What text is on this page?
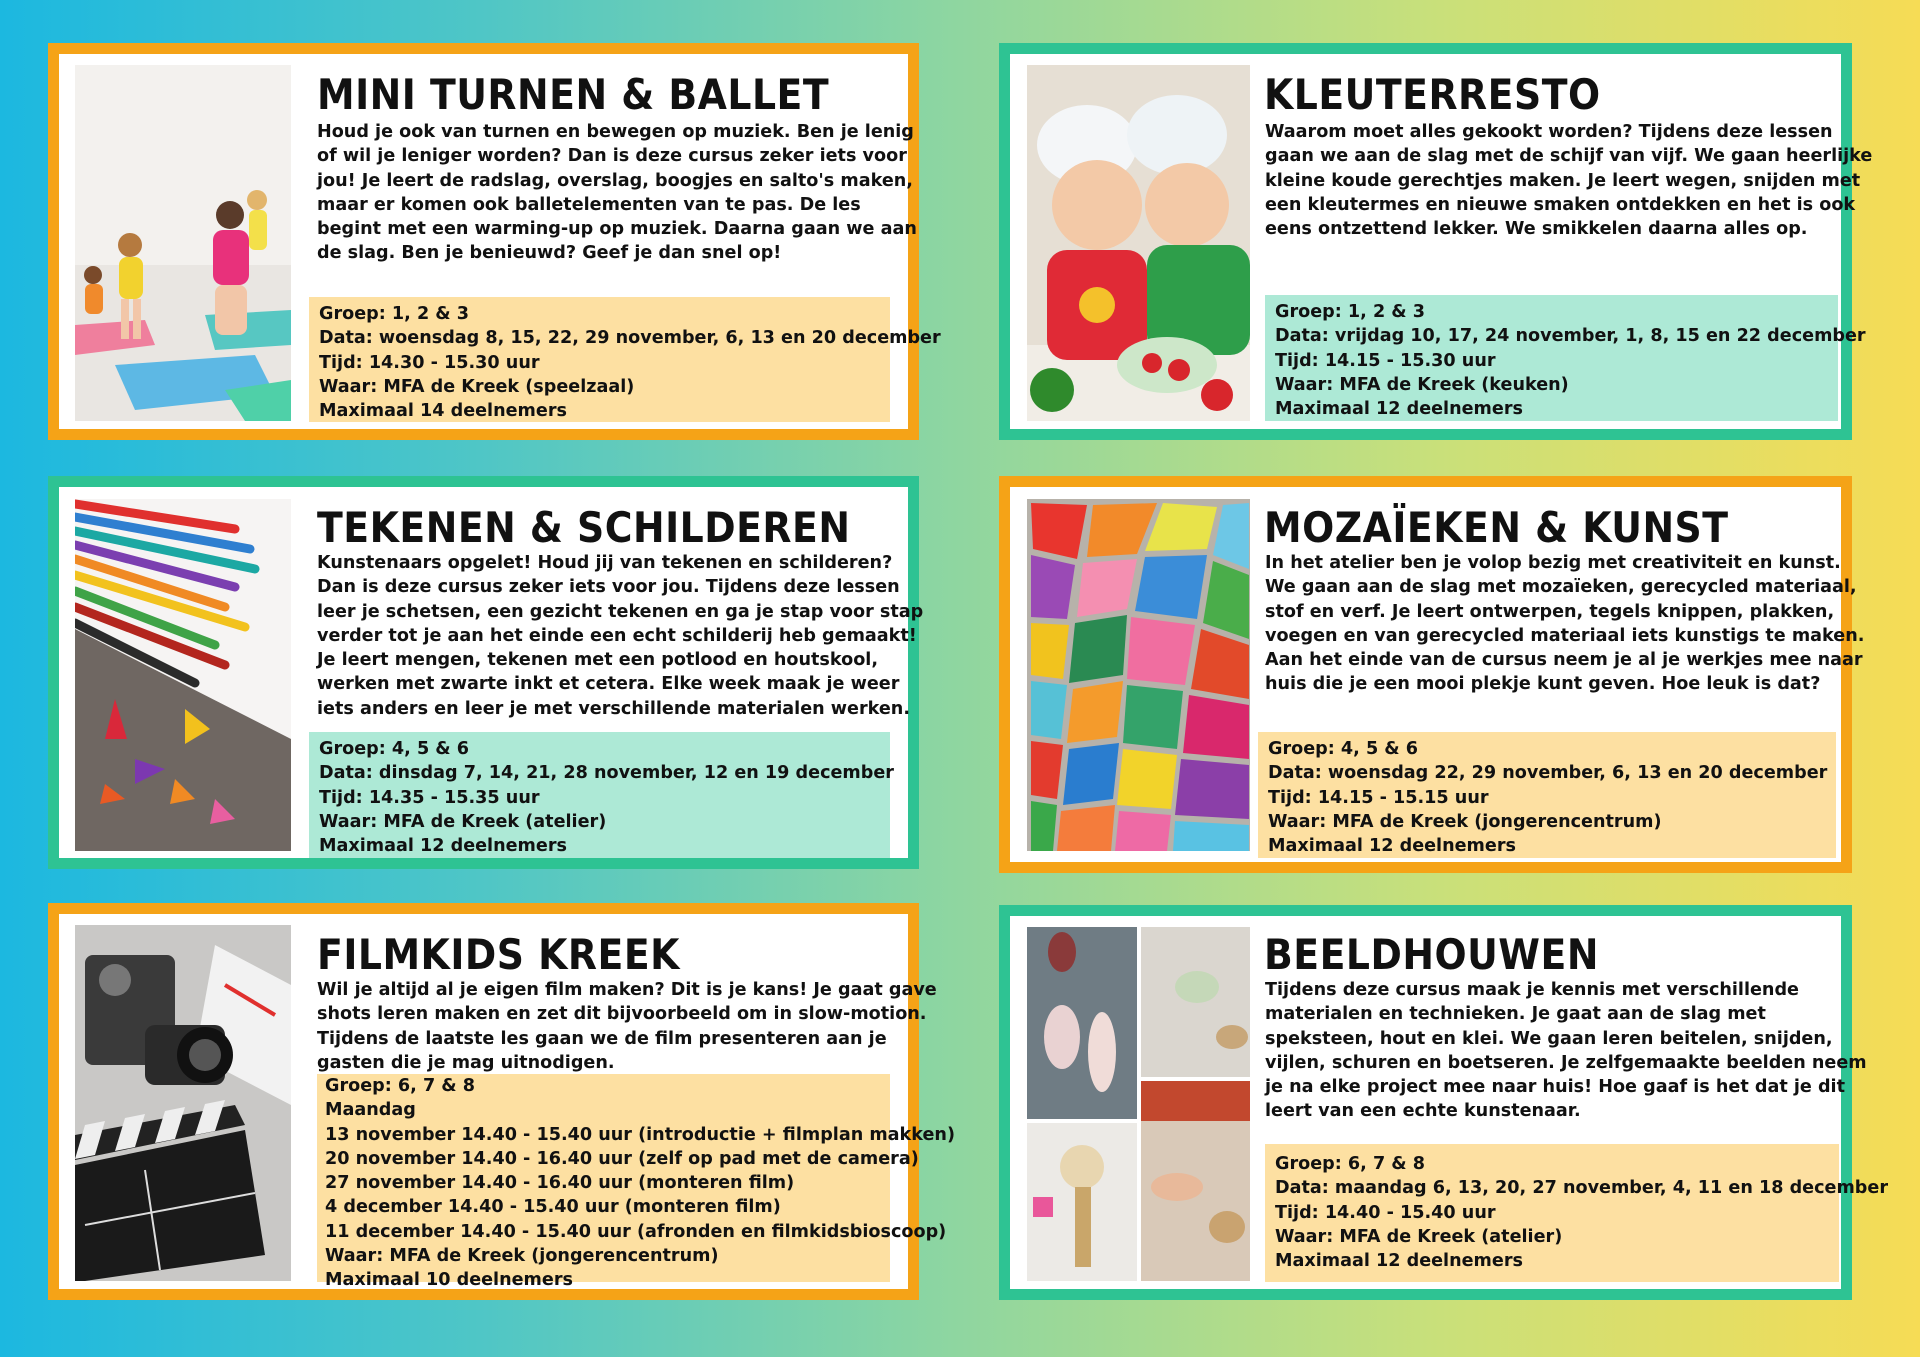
MINI TURNEN & BALLET
Houd je ook van turnen en bewegen op muziek. Ben je lenig
of wil je leniger worden? Dan is deze cursus zeker iets voor
jou! Je leert de radslag, overslag, boogjes en salto's maken,
maar er komen ook balletelementen van te pas. De les
begint met een warming-up op muziek. Daarna gaan we aan
de slag. Ben je benieuwd? Geef je dan snel op!
Groep: 1, 2 & 3
Data: woensdag 8, 15, 22, 29 november, 6, 13 en 20 december
Tijd: 14.30 - 15.30 uur
Waar: MFA de Kreek (speelzaal)
Maximaal 14 deelnemers
KLEUTERRESTO
Waarom moet alles gekookt worden? Tijdens deze lessen
gaan we aan de slag met de schijf van vijf. We gaan heerlijke
kleine koude gerechtjes maken. Je leert wegen, snijden met
een kleutermes en nieuwe smaken ontdekken en het is ook
eens ontzettend lekker. We smikkelen daarna alles op.
Groep: 1, 2 & 3
Data: vrijdag 10, 17, 24 november, 1, 8, 15 en 22 december
Tijd: 14.15 - 15.30 uur
Waar: MFA de Kreek (keuken)
Maximaal 12 deelnemers
TEKENEN & SCHILDEREN
Kunstenaars opgelet! Houd jij van tekenen en schilderen?
Dan is deze cursus zeker iets voor jou. Tijdens deze lessen
leer je schetsen, een gezicht tekenen en ga je stap voor stap
verder tot je aan het einde een echt schilderij heb gemaakt!
Je leert mengen, tekenen met een potlood en houtskool,
werken met zwarte inkt et cetera. Elke week maak je weer
iets anders en leer je met verschillende materialen werken.
Groep: 4, 5 & 6
Data: dinsdag 7, 14, 21, 28 november, 12 en 19 december
Tijd: 14.35 - 15.35 uur
Waar: MFA de Kreek (atelier)
Maximaal 12 deelnemers
MOZAÏEKEN & KUNST
In het atelier ben je volop bezig met creativiteit en kunst.
We gaan aan de slag met mozaïeken, gerecycled materiaal,
stof en verf. Je leert ontwerpen, tegels knippen, plakken,
voegen en van gerecycled materiaal iets kunstigs te maken.
Aan het einde van de cursus neem je al je werkjes mee naar
huis die je een mooi plekje kunt geven. Hoe leuk is dat?
Groep: 4, 5 & 6
Data: woensdag 22, 29 november, 6, 13 en 20 december
Tijd: 14.15 - 15.15 uur
Waar: MFA de Kreek (jongerencentrum)
Maximaal 12 deelnemers
FILMKIDS KREEK
Wil je altijd al je eigen film maken? Dit is je kans! Je gaat gave
shots leren maken en zet dit bijvoorbeeld om in slow-motion.
Tijdens de laatste les gaan we de film presenteren aan je
gasten die je mag uitnodigen.
Groep: 6, 7 & 8
Maandag
13 november 14.40 - 15.40 uur (introductie + filmplan makken)
20 november 14.40 - 16.40 uur (zelf op pad met de camera)
27 november 14.40 - 16.40 uur (monteren film)
4 december 14.40 - 15.40 uur (monteren film)
11 december 14.40 - 15.40 uur (afronden en filmkidsbioscoop)
Waar: MFA de Kreek (jongerencentrum)
Maximaal 10 deelnemers
BEELDHOUWEN
Tijdens deze cursus maak je kennis met verschillende
materialen en technieken. Je gaat aan de slag met
speksteen, hout en klei. We gaan leren beitelen, snijden,
vijlen, schuren en boetseren. Je zelfgemaakte beelden neem
je na elke project mee naar huis! Hoe gaaf is het dat je dit
leert van een echte kunstenaar.
Groep: 6, 7 & 8
Data: maandag 6, 13, 20, 27 november, 4, 11 en 18 december
Tijd: 14.40 - 15.40 uur
Waar: MFA de Kreek (atelier)
Maximaal 12 deelnemers
